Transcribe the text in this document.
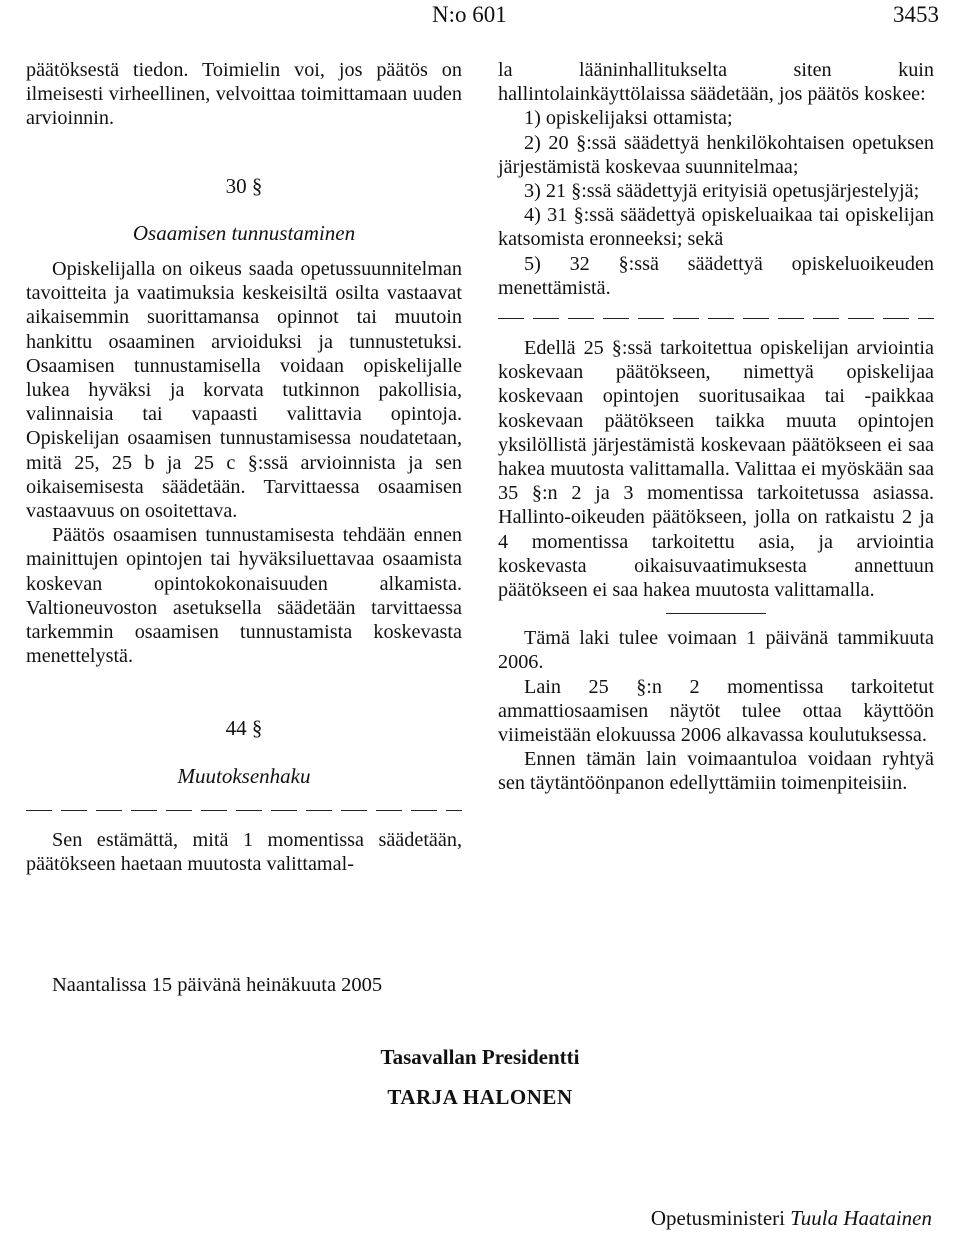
N:o 601	3453

päätöksestä tiedon. Toimielin voi, jos päätös on ilmeisesti virheellinen, velvoittaa toimittamaan uuden arvioinnin.

30 §

Osaamisen tunnustaminen

Opiskelijalla on oikeus saada opetussuunnitelman tavoitteita ja vaatimuksia keskeisiltä osilta vastaavat aikaisemmin suorittamansa opinnot tai muutoin hankittu osaaminen arvioiduksi ja tunnustetuksi. Osaamisen tunnustamisella voidaan opiskelijalle lukea hyväksi ja korvata tutkinnon pakollisia, valinnaisia tai vapaasti valittavia opintoja. Opiskelijan osaamisen tunnustamisessa noudatetaan, mitä 25, 25 b ja 25 c §:ssä arvioinnista ja sen oikaisemisesta säädetään. Tarvittaessa osaamisen vastaavuus on osoitettava.

Päätös osaamisen tunnustamisesta tehdään ennen mainittujen opintojen tai hyväksiluettavaa osaamista koskevan opintokokonaisuuden alkamista. Valtioneuvoston asetuksella säädetään tarvittaessa tarkemmin osaamisen tunnustamista koskevasta menettelystä.

44 §

Muutoksenhaku

Sen estämättä, mitä 1 momentissa säädetään, päätökseen haetaan muutosta valittamal-

la lääninhallitukselta siten kuin hallintolainkäyttölaissa säädetään, jos päätös koskee:

1) opiskelijaksi ottamista;

2) 20 §:ssä säädettyä henkilökohtaisen opetuksen järjestämistä koskevaa suunnitelmaa;

3) 21 §:ssä säädettyjä erityisiä opetusjärjestelyjä;

4) 31 §:ssä säädettyä opiskeluaikaa tai opiskelijan katsomista eronneeksi; sekä

5) 32 §:ssä säädettyä opiskeluoikeuden menettämistä.

Edellä 25 §:ssä tarkoitettua opiskelijan arviointia koskevaan päätökseen, nimettyä opiskelijaa koskevaan opintojen suoritusaikaa tai -paikkaa koskevaan päätökseen taikka muuta opintojen yksilöllistä järjestämistä koskevaan päätökseen ei saa hakea muutosta valittamalla. Valittaa ei myöskään saa 35 §:n 2 ja 3 momentissa tarkoitetussa asiassa. Hallinto-oikeuden päätökseen, jolla on ratkaistu 2 ja 4 momentissa tarkoitettu asia, ja arviointia koskevasta oikaisuvaatimuksesta annettuun päätökseen ei saa hakea muutosta valittamalla.

Tämä laki tulee voimaan 1 päivänä tammikuuta 2006.

Lain 25 §:n 2 momentissa tarkoitetut ammattiosaamisen näytöt tulee ottaa käyttöön viimeistään elokuussa 2006 alkavassa koulutuksessa.

Ennen tämän lain voimaantuloa voidaan ryhtyä sen täytäntöönpanon edellyttämiin toimenpiteisiin.

Naantalissa 15 päivänä heinäkuuta 2005
Tasavallan Presidentti
TARJA HALONEN
Opetusministeri Tuula Haatainen
